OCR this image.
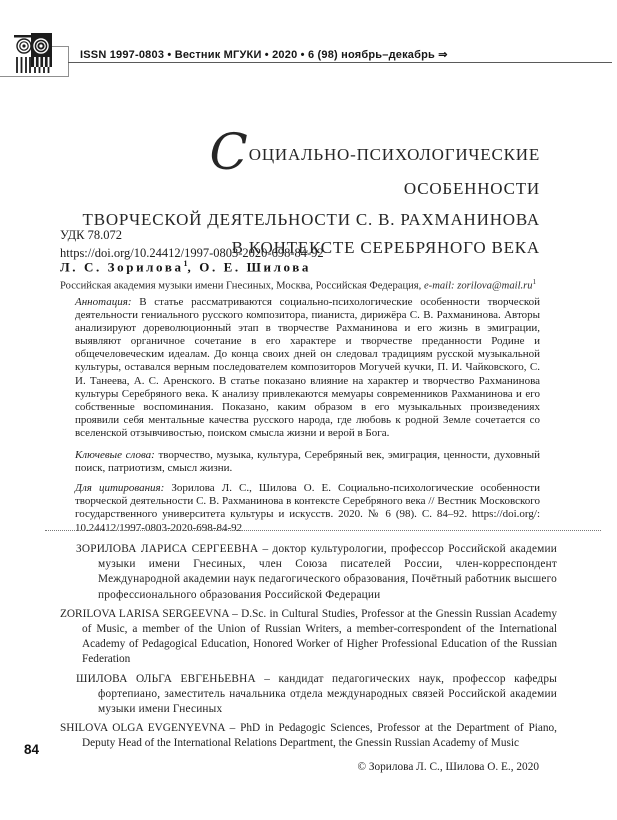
ISSN 1997-0803 • Вестник МГУКИ • 2020 • 6 (98) ноябрь–декабрь ⇒
СОЦИАЛЬНО-ПСИХОЛОГИЧЕСКИЕ ОСОБЕННОСТИ
ТВОРЧЕСКОЙ ДЕЯТЕЛЬНОСТИ С. В. РАХМАНИНОВА
В КОНТЕКСТЕ СЕРЕБРЯНОГО ВЕКА
УДК 78.072
https://doi.org/10.24412/1997-0803-2020-698-84-92
Л. С. Зорилова$^1$, О. Е. Шилова
Российская академия музыки имени Гнесиных, Москва, Российская Федерация, e-mail: $zorilova@mail.ru^1$

Аннотация: В статье рассматриваются социально-психологические особенности творческой деятельности гениального русского композитора, пианиста, дирижёра С. В. Рахманинова. Авторы анализируют дореволюционный этап в творчестве Рахманинова и его жизнь в эмиграции, выявляют органичное сочетание в его характере и творчестве преданности Родине и общечеловеческим идеалам. До конца своих дней он следовал традициям русской музыкальной культуры, оставался верным последователем композиторов Могучей кучки, П. И. Чайковского, С. И. Танеева, А. С. Аренского. В статье показано влияние на характер и творчество Рахманинова культуры Серебряного века. К анализу привлекаются мемуары современников Рахманинова и его собственные воспоминания. Показано, каким образом в его музыкальных произведениях проявили себя ментальные качества русского народа, где любовь к родной Земле сочетается со вселенской отзывчивостью, поиском смысла жизни и верой в Бога.

Ключевые слова: творчество, музыка, культура, Серебряный век, эмиграция, ценности, духовный поиск, патриотизм, смысл жизни.

Для цитирования: Зорилова Л. С., Шилова О. Е. Социально-психологические особенности творческой деятельности С. В. Рахманинова в контексте Серебряного века // Вестник Московского государственного университета культуры и искусств. 2020. № 6 (98). С. 84–92. https://doi.org/: 10.24412/1997-0803-2020-698-84-92

ЗОРИЛОВА ЛАРИСА СЕРГЕЕВНА – доктор культурологии, профессор Российской академии музыки имени Гнесиных, член Союза писателей России, член-корреспондент Международной академии наук педагогического образования, Почётный работник высшего профессионального образования Российской Федерации

ZORILOVA LARISA SERGEEVNA – D.Sc. in Cultural Studies, Professor at the Gnessin Russian Academy of Music, a member of the Union of Russian Writers, a member-correspondent of the International Academy of Pedagogical Education, Honored Worker of Higher Professional Education of the Russian Federation

ШИЛОВА ОЛЬГА ЕВГЕНЬЕВНА – кандидат педагогических наук, профессор кафедры фортепиано, заместитель начальника отдела международных связей Российской академии музыки имени Гнесиных

SHILOVA OLGA EVGENYEVNA – PhD in Pedagogic Sciences, Professor at the Department of Piano, Deputy Head of the International Relations Department, the Gnessin Russian Academy of Music

© Зорилова Л. С., Шилова О. Е., 2020
84
